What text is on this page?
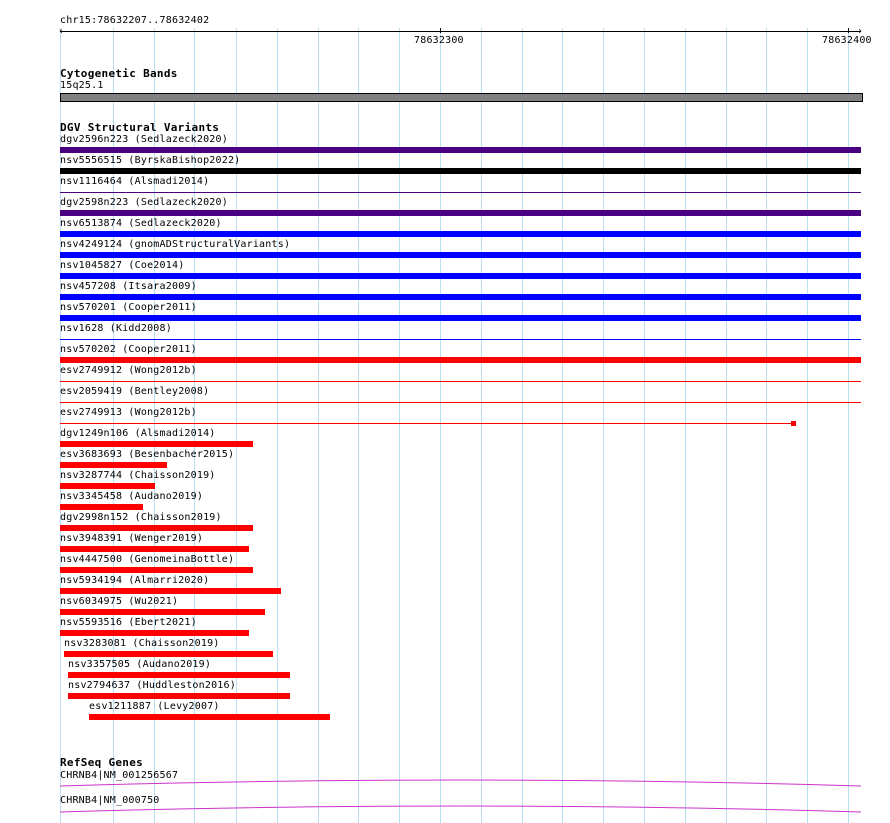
chr15:78632207..78632402
‹	›
78632300	78632400
Cytogenetic Bands
15q25.1
DGV Structural Variants
dgv2596n223 (Sedlazeck2020)
nsv5556515 (ByrskaBishop2022)
nsv1116464 (Alsmadi2014)
dgv2598n223 (Sedlazeck2020)
nsv6513874 (Sedlazeck2020)
nsv4249124 (gnomADStructuralVariants)
nsv1045827 (Coe2014)
nsv457208 (Itsara2009)
nsv570201 (Cooper2011)
nsv1628 (Kidd2008)
nsv570202 (Cooper2011)
esv2749912 (Wong2012b)
esv2059419 (Bentley2008)
esv2749913 (Wong2012b)
dgv1249n106 (Alsmadi2014)
esv3683693 (Besenbacher2015)
nsv3287744 (Chaisson2019)
nsv3345458 (Audano2019)
dgv2998n152 (Chaisson2019)
nsv3948391 (Wenger2019)
nsv4447500 (GenomeinaBottle)
nsv5934194 (Almarri2020)
nsv6034975 (Wu2021)
nsv5593516 (Ebert2021)
nsv3283081 (Chaisson2019)
nsv3357505 (Audano2019)
nsv2794637 (Huddleston2016)
esv1211887 (Levy2007)
RefSeq Genes
CHRNB4|NM_001256567
CHRNB4|NM_000750
